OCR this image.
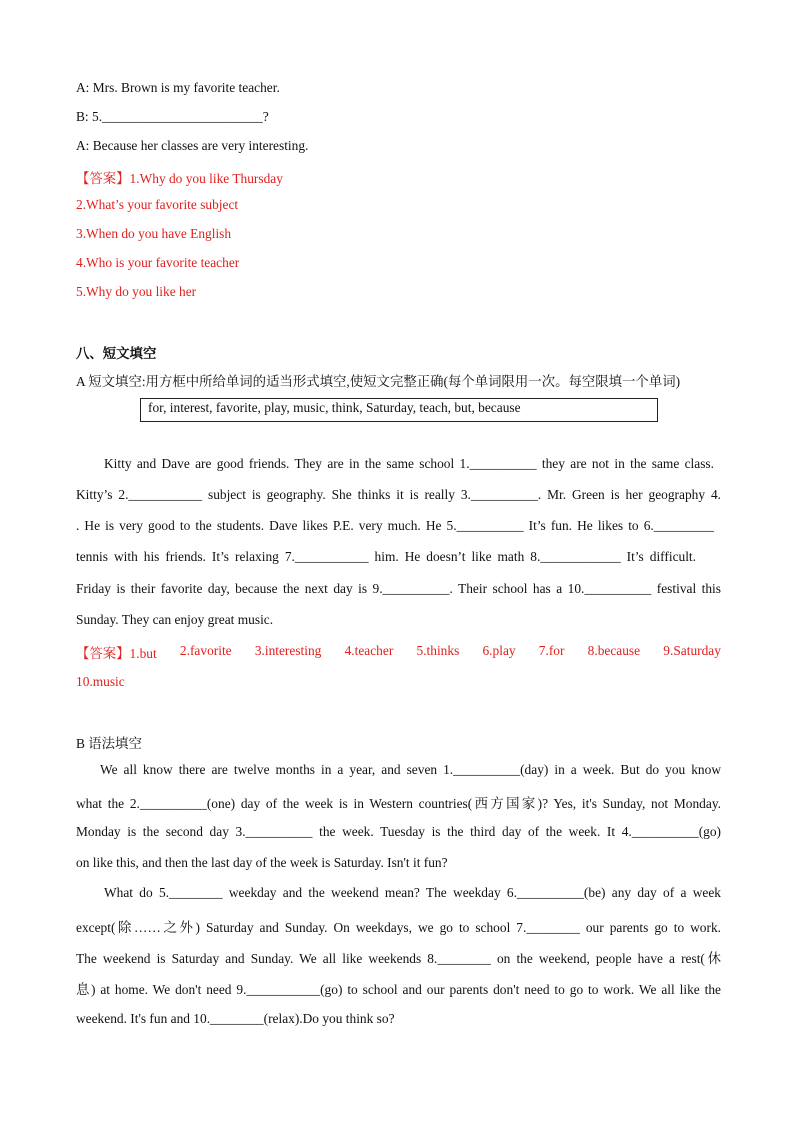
A: Mrs. Brown is my favorite teacher.
B: 5.________________________?
A: Because her classes are very interesting.
【答案】1.Why do you like Thursday
2.What’s your favorite subject
3.When do you have English
4.Who is your favorite teacher
5.Why do you like her
八、短文填空
A 短文填空:用方框中所给单词的适当形式填空,使短文完整正确(每个单词限用一次。每空限填一个单词)
for, interest, favorite, play, music, think, Saturday, teach, but, because
Kitty and Dave are good friends. They are in the same school 1.__________ they are not in the same class.
Kitty’s 2.___________ subject is geography. She thinks it is really 3.__________. Mr. Green is her geography 4.
. He is very good to the students. Dave likes P.E. very much. He 5.__________ It’s fun. He likes to 6._________
tennis with his friends. It’s relaxing 7.___________ him. He doesn’t like math 8.____________ It’s difficult.
Friday is their favorite day, because the next day is 9.__________. Their school has a 10.__________ festival this
Sunday. They can enjoy great music.
【答案】1.but 2.favorite 3.interesting 4.teacher 5.thinks 6.play 7.for 8.because 9.Saturday
10.music
B 语法填空
We all know there are twelve months in a year, and seven 1.__________(day) in a week. But do you know
what the 2.__________(one) day of the week is in Western countries(西方国家)? Yes, it's Sunday, not Monday.
Monday is the second day 3.__________ the week. Tuesday is the third day of the week. It 4.__________(go)
on like this, and then the last day of the week is Saturday. Isn't it fun?
What do 5.________ weekday and the weekend mean? The weekday 6.__________(be) any day of a week
except(除……之外) Saturday and Sunday. On weekdays, we go to school 7.________ our parents go to work.
The weekend is Saturday and Sunday. We all like weekends 8.________ on the weekend, people have a rest(休
息) at home. We don't need 9.___________(go) to school and our parents don't need to go to work. We all like the
weekend. It's fun and 10.________(relax).Do you think so?
